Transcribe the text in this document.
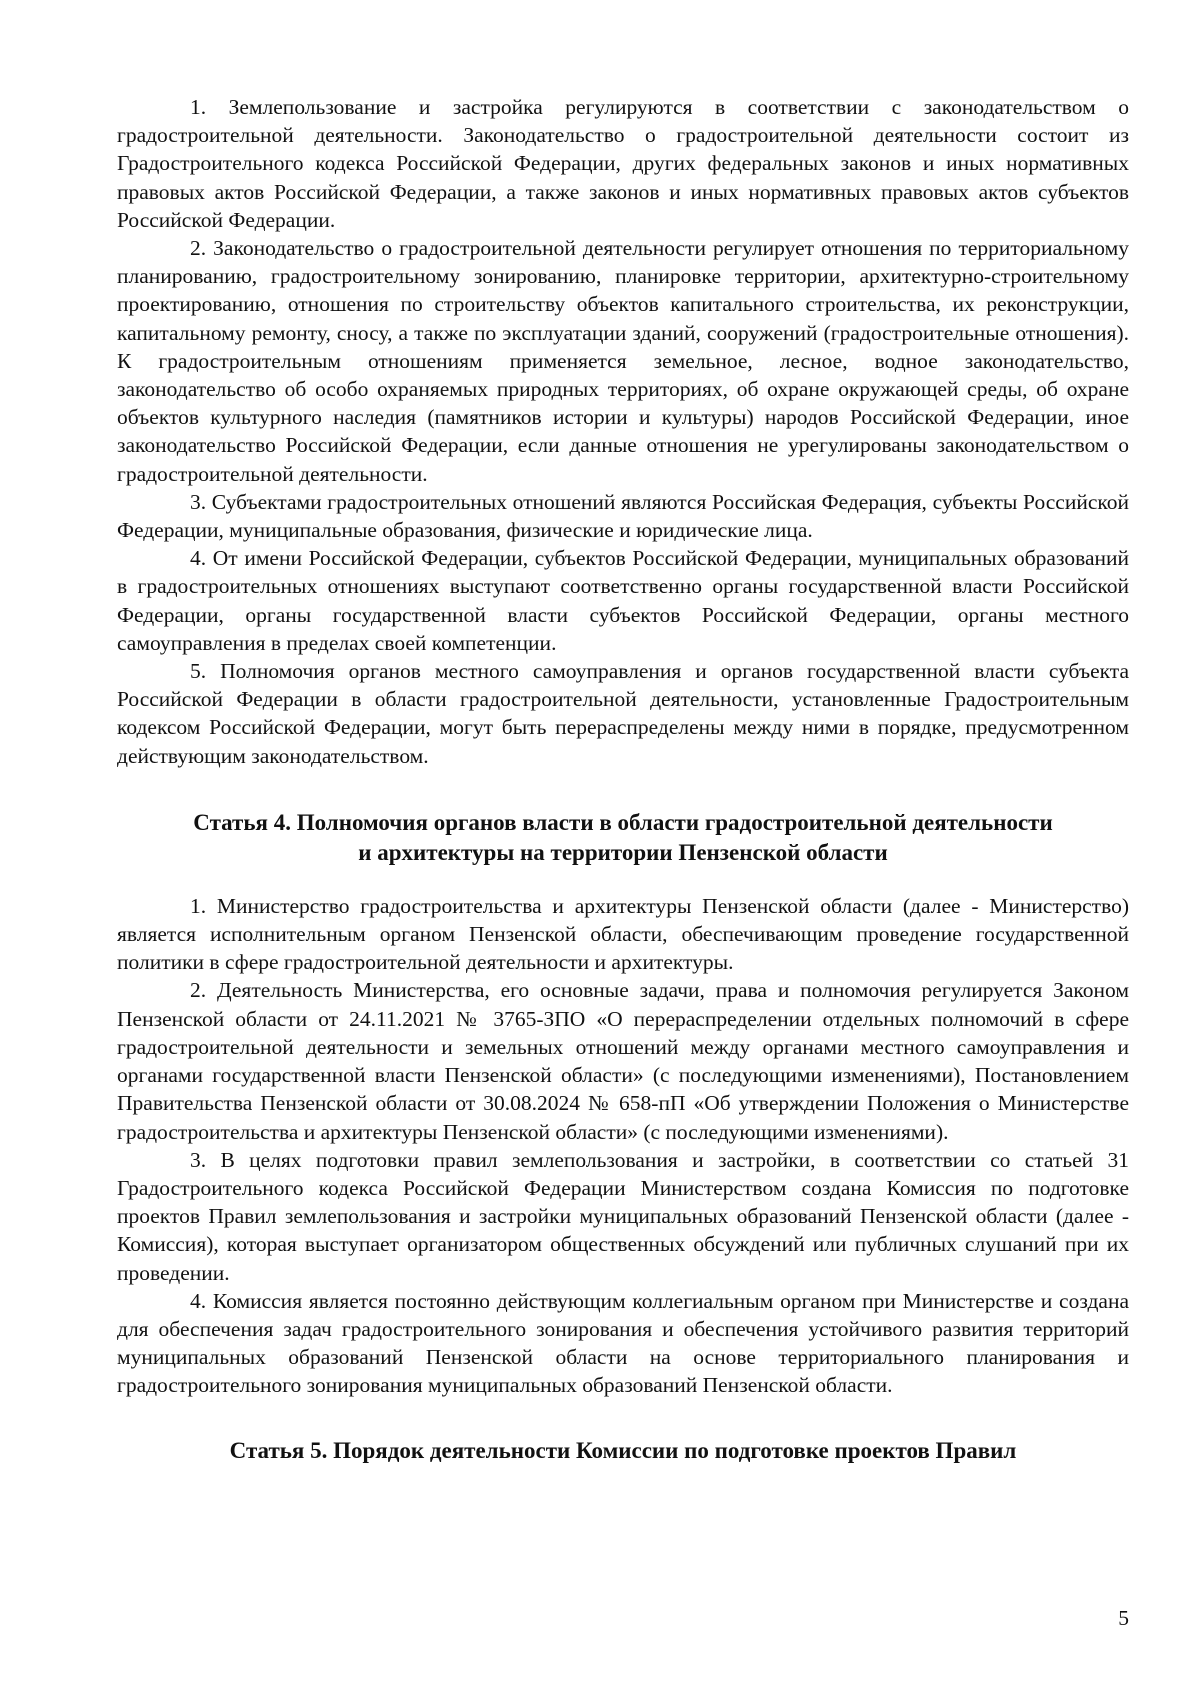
1. Землепользование и застройка регулируются в соответствии с законодательством о градостроительной деятельности. Законодательство о градостроительной деятельности состоит из Градостроительного кодекса Российской Федерации, других федеральных законов и иных нормативных правовых актов Российской Федерации, а также законов и иных нормативных правовых актов субъектов Российской Федерации.

2. Законодательство о градостроительной деятельности регулирует отношения по территориальному планированию, градостроительному зонированию, планировке территории, архитектурно-строительному проектированию, отношения по строительству объектов капитального строительства, их реконструкции, капитальному ремонту, сносу, а также по эксплуатации зданий, сооружений (градостроительные отношения). К градостроительным отношениям применяется земельное, лесное, водное законодательство, законодательство об особо охраняемых природных территориях, об охране окружающей среды, об охране объектов культурного наследия (памятников истории и культуры) народов Российской Федерации, иное законодательство Российской Федерации, если данные отношения не урегулированы законодательством о градостроительной деятельности.

3. Субъектами градостроительных отношений являются Российская Федерация, субъекты Российской Федерации, муниципальные образования, физические и юридические лица.

4. От имени Российской Федерации, субъектов Российской Федерации, муниципальных образований в градостроительных отношениях выступают соответственно органы государственной власти Российской Федерации, органы государственной власти субъектов Российской Федерации, органы местного самоуправления в пределах своей компетенции.

5. Полномочия органов местного самоуправления и органов государственной власти субъекта Российской Федерации в области градостроительной деятельности, установленные Градостроительным кодексом Российской Федерации, могут быть перераспределены между ними в порядке, предусмотренном действующим законодательством.

Статья 4. Полномочия органов власти в области градостроительной деятельности
и архитектуры на территории Пензенской области

1. Министерство градостроительства и архитектуры Пензенской области (далее - Министерство) является исполнительным органом Пензенской области, обеспечивающим проведение государственной политики в сфере градостроительной деятельности и архитектуры.

2. Деятельность Министерства, его основные задачи, права и полномочия регулируется Законом Пензенской области от 24.11.2021 № 3765-ЗПО «О перераспределении отдельных полномочий в сфере градостроительной деятельности и земельных отношений между органами местного самоуправления и органами государственной власти Пензенской области» (с последующими изменениями), Постановлением Правительства Пензенской области от 30.08.2024 № 658-пП «Об утверждении Положения о Министерстве градостроительства и архитектуры Пензенской области» (с последующими изменениями).

3. В целях подготовки правил землепользования и застройки, в соответствии со статьей 31 Градостроительного кодекса Российской Федерации Министерством создана Комиссия по подготовке проектов Правил землепользования и застройки муниципальных образований Пензенской области (далее - Комиссия), которая выступает организатором общественных обсуждений или публичных слушаний при их проведении.

4. Комиссия является постоянно действующим коллегиальным органом при Министерстве и создана для обеспечения задач градостроительного зонирования и обеспечения устойчивого развития территорий муниципальных образований Пензенской области на основе территориального планирования и градостроительного зонирования муниципальных образований Пензенской области.

Статья 5. Порядок деятельности Комиссии по подготовке проектов Правил
5
